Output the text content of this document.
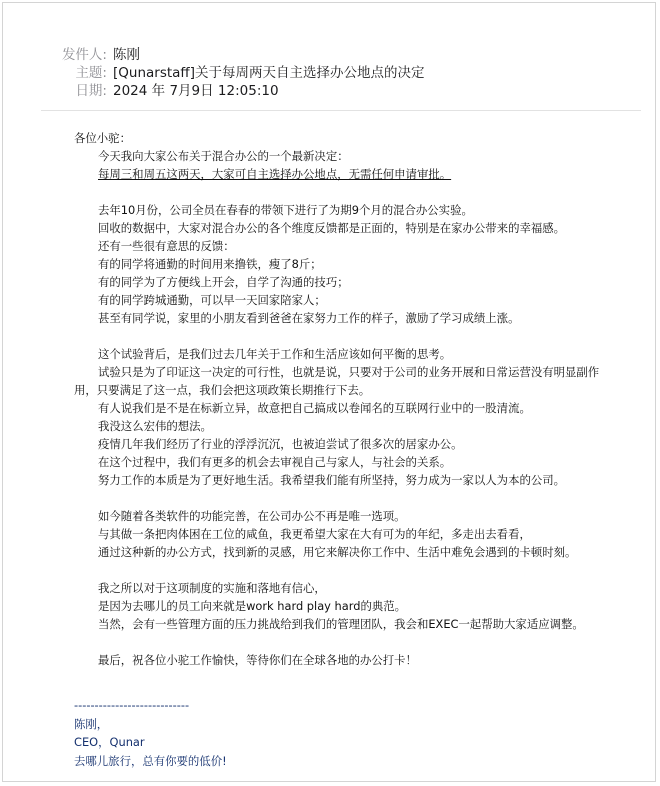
发件人: 陈刚
主题: [Qunarstaff]关于每周两天自主选择办公地点的决定
日期: 2024 年 7月9日 12:05:10
各位小驼：
今天我向大家公布关于混合办公的一个最新决定：
每周三和周五这两天，大家可自主选择办公地点，无需任何申请审批。
去年10月份，公司全员在春春的带领下进行了为期9个月的混合办公实验。
回收的数据中，大家对混合办公的各个维度反馈都是正面的，特别是在家办公带来的幸福感。
还有一些很有意思的反馈：
有的同学将通勤的时间用来撸铁，瘦了8斤；
有的同学为了方便线上开会，自学了沟通的技巧；
有的同学跨城通勤，可以早一天回家陪家人；
甚至有同学说，家里的小朋友看到爸爸在家努力工作的样子，激励了学习成绩上涨。
这个试验背后，是我们过去几年关于工作和生活应该如何平衡的思考。
试验只是为了印证这一决定的可行性，也就是说，只要对于公司的业务开展和日常运营没有明显副作用，只要满足了这一点，我们会把这项政策长期推行下去。
有人说我们是不是在标新立异，故意把自己搞成以卷闻名的互联网行业中的一股清流。
我没这么宏伟的想法。
疫情几年我们经历了行业的浮浮沉沉，也被迫尝试了很多次的居家办公。
在这个过程中，我们有更多的机会去审视自己与家人，与社会的关系。
努力工作的本质是为了更好地生活。我希望我们能有所坚持，努力成为一家以人为本的公司。
如今随着各类软件的功能完善，在公司办公不再是唯一选项。
与其做一条把肉体困在工位的咸鱼，我更希望大家在大有可为的年纪，多走出去看看，
通过这种新的办公方式，找到新的灵感，用它来解决你工作中、生活中难免会遇到的卡顿时刻。
我之所以对于这项制度的实施和落地有信心，
是因为去哪儿的员工向来就是work hard play hard的典范。
当然，会有一些管理方面的压力挑战给到我们的管理团队，我会和EXEC一起帮助大家适应调整。
最后，祝各位小驼工作愉快，等待你们在全球各地的办公打卡！
----------------------------
陈刚，
CEO，Qunar
去哪儿旅行，总有你要的低价!
